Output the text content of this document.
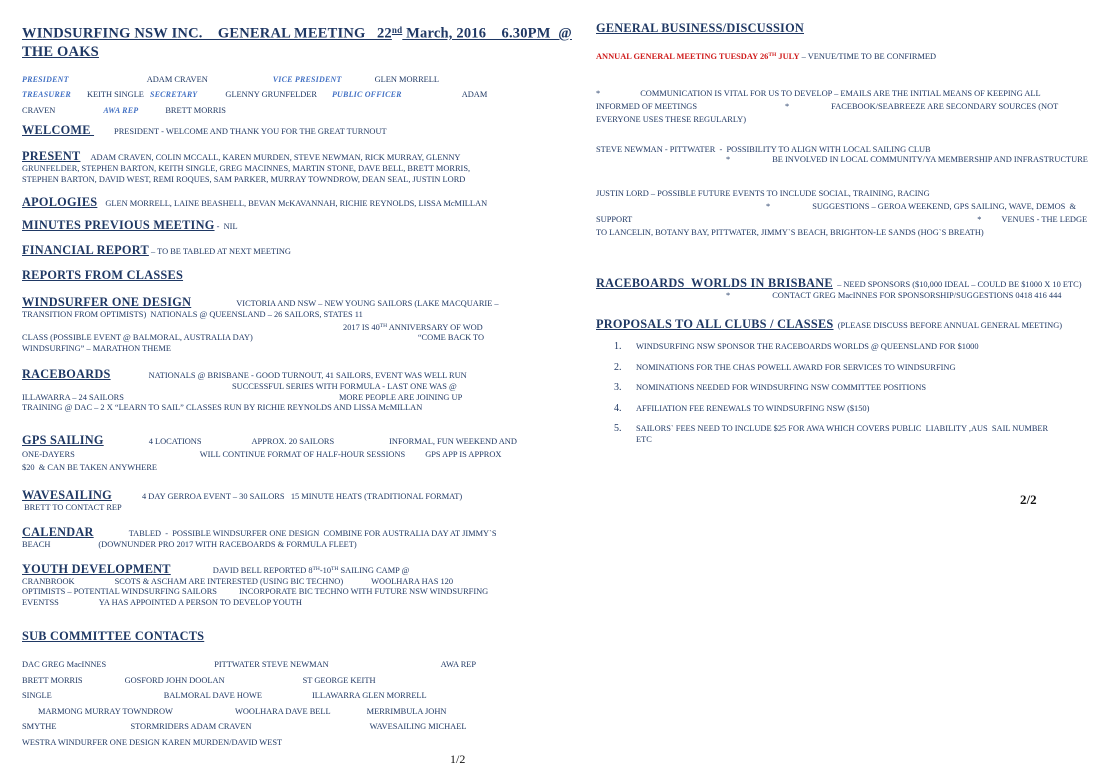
WINDSURFING NSW INC.    GENERAL MEETING   22nd March, 2016    6.30PM  @
THE OAKS
PRESIDENT	ADAM CRAVEN	VICE PRESIDENT	GLEN MORRELL
TREASURER KEITH SINGLE SECRETARY	GLENNY GRUNFELDER PUBLIC OFFICER	ADAM
CRAVEN	AWA REP	BRETT MORRIS
WELCOME PRESIDENT - WELCOME AND THANK YOU FOR THE GREAT TURNOUT
PRESENT ADAM CRAVEN, COLIN MCCALL, KAREN MURDEN, STEVE NEWMAN, RICK MURRAY, GLENNY
GRUNFELDER, STEPHEN BARTON, KEITH SINGLE, GREG MACINNES, MARTIN STONE, DAVE BELL, BRETT MORRIS,
STEPHEN BARTON, DAVID WEST, REMI ROQUES, SAM PARKER, MURRAY TOWNDROW, DEAN SEAL, JUSTIN LORD
APOLOGIES GLEN MORRELL, LAINE BEASHELL, BEVAN McKAVANNAH, RICHIE REYNOLDS, LISSA McMILLAN
MINUTES PREVIOUS MEETING -  NIL
FINANCIAL REPORT – TO BE TABLED AT NEXT MEETING
REPORTS FROM CLASSES
WINDSURFER ONE DESIGN	VICTORIA AND NSW – NEW YOUNG SAILORS (LAKE MACQUARIE –
TRANSITION FROM OPTIMISTS)  NATIONALS @ QUEENSLAND – 26 SAILORS, STATES 11
2017 IS 40TH ANNIVERSARY OF WOD
CLASS (POSSIBLE EVENT @ BALMORAL, AUSTRALIA DAY)	“COME BACK TO
WINDSURFING” – MARATHON THEME
RACEBOARDS	NATIONALS @ BRISBANE - GOOD TURNOUT, 41 SAILORS, EVENT WAS WELL RUN
SUCCESSFUL SERIES WITH FORMULA - LAST ONE WAS @
ILLAWARRA – 24 SAILORS	MORE PEOPLE ARE JOINING UP
TRAINING @ DAC – 2 X “LEARN TO SAIL” CLASSES RUN BY RICHIE REYNOLDS AND LISSA McMILLAN
GPS SAILING	4 LOCATIONS	APPROX. 20 SAILORS	INFORMAL, FUN WEEKEND AND
ONE-DAYERS	WILL CONTINUE FORMAT OF HALF-HOUR SESSIONS GPS APP IS APPROX
$20  & CAN BE TAKEN ANYWHERE
WAVESAILING	4 DAY GERROA EVENT – 30 SAILORS   15 MINUTE HEATS (TRADITIONAL FORMAT)
BRETT TO CONTACT REP
CALENDAR	TABLED  -  POSSIBLE WINDSURFER ONE DESIGN  COMBINE FOR AUSTRALIA DAY AT JIMMY`S
BEACH	(DOWNUNDER PRO 2017 WITH RACEBOARDS & FORMULA FLEET)
YOUTH DEVELOPMENT	DAVID BELL REPORTED 8TH-10TH SAILING CAMP @
CRANBROOK	SCOTS & ASCHAM ARE INTERESTED (USING BIC TECHNO)	WOOLHARA HAS 120
OPTIMISTS – POTENTIAL WINDSURFING SAILORS	INCORPORATE BIC TECHNO WITH FUTURE NSW WINDSURFING
EVENTSS	YA HAS APPOINTED A PERSON TO DEVELOP YOUTH
SUB COMMITTEE CONTACTS
DAC GREG MacINNES	PITTWATER STEVE NEWMAN	AWA REP
BRETT MORRIS	GOSFORD JOHN DOOLAN	ST GEORGE KEITH
SINGLE	BALMORAL DAVE HOWE	ILLAWARRA GLEN MORRELL
MARMONG MURRAY TOWNDROW	WOOLHARA DAVE BELL	MERRIMBULA JOHN
SMYTHE	STORMRIDERS ADAM CRAVEN	WAVESAILING MICHAEL
WESTRA WINDURFER ONE DESIGN KAREN MURDEN/DAVID WEST
1/2
GENERAL BUSINESS/DISCUSSION
ANNUAL GENERAL MEETING TUESDAY 26TH JULY – VENUE/TIME TO BE CONFIRMED
*	COMMUNICATION IS VITAL FOR US TO DEVELOP – EMAILS ARE THE INITIAL MEANS OF KEEPING ALL
INFORMED OF MEETINGS	*	FACEBOOK/SEABREEZE ARE SECONDARY SOURCES (NOT
EVERYONE USES THESE REGULARLY)
STEVE NEWMAN - PITTWATER  -  POSSIBILITY TO ALIGN WITH LOCAL SAILING CLUB
*	BE INVOLVED IN LOCAL COMMUNITY/YA MEMBERSHIP AND INFRASTRUCTURE
JUSTIN LORD – POSSIBLE FUTURE EVENTS TO INCLUDE SOCIAL, TRAINING, RACING
*	SUGGESTIONS – GEROA WEEKEND, GPS SAILING, WAVE, DEMOS  &
SUPPORT	* VENUES - THE LEDGE
TO LANCELIN, BOTANY BAY, PITTWATER, JIMMY`S BEACH, BRIGHTON-LE SANDS (HOG`S BREATH)
RACEBOARDS  WORLDS IN BRISBANE  – NEED SPONSORS ($10,000 IDEAL – COULD BE $1000 X 10 ETC)
*	CONTACT GREG MacINNES FOR SPONSORSHIP/SUGGESTIONS 0418 416 444
PROPOSALS TO ALL CLUBS / CLASSES  (PLEASE DISCUSS BEFORE ANNUAL GENERAL MEETING)
1.	WINDSURFING NSW SPONSOR THE RACEBOARDS WORLDS @ QUEENSLAND FOR $1000
2.	NOMINATIONS FOR THE CHAS POWELL AWARD FOR SERVICES TO WINDSURFING
3.	NOMINATIONS NEEDED FOR WINDSURFING NSW COMMITTEE POSITIONS
4.	AFFILIATION FEE RENEWALS TO WINDSURFING NSW ($150)
5.	SAILORS` FEES NEED TO INCLUDE $25 FOR AWA WHICH COVERS PUBLIC  LIABILITY ,AUS  SAIL NUMBER
ETC
2/2
